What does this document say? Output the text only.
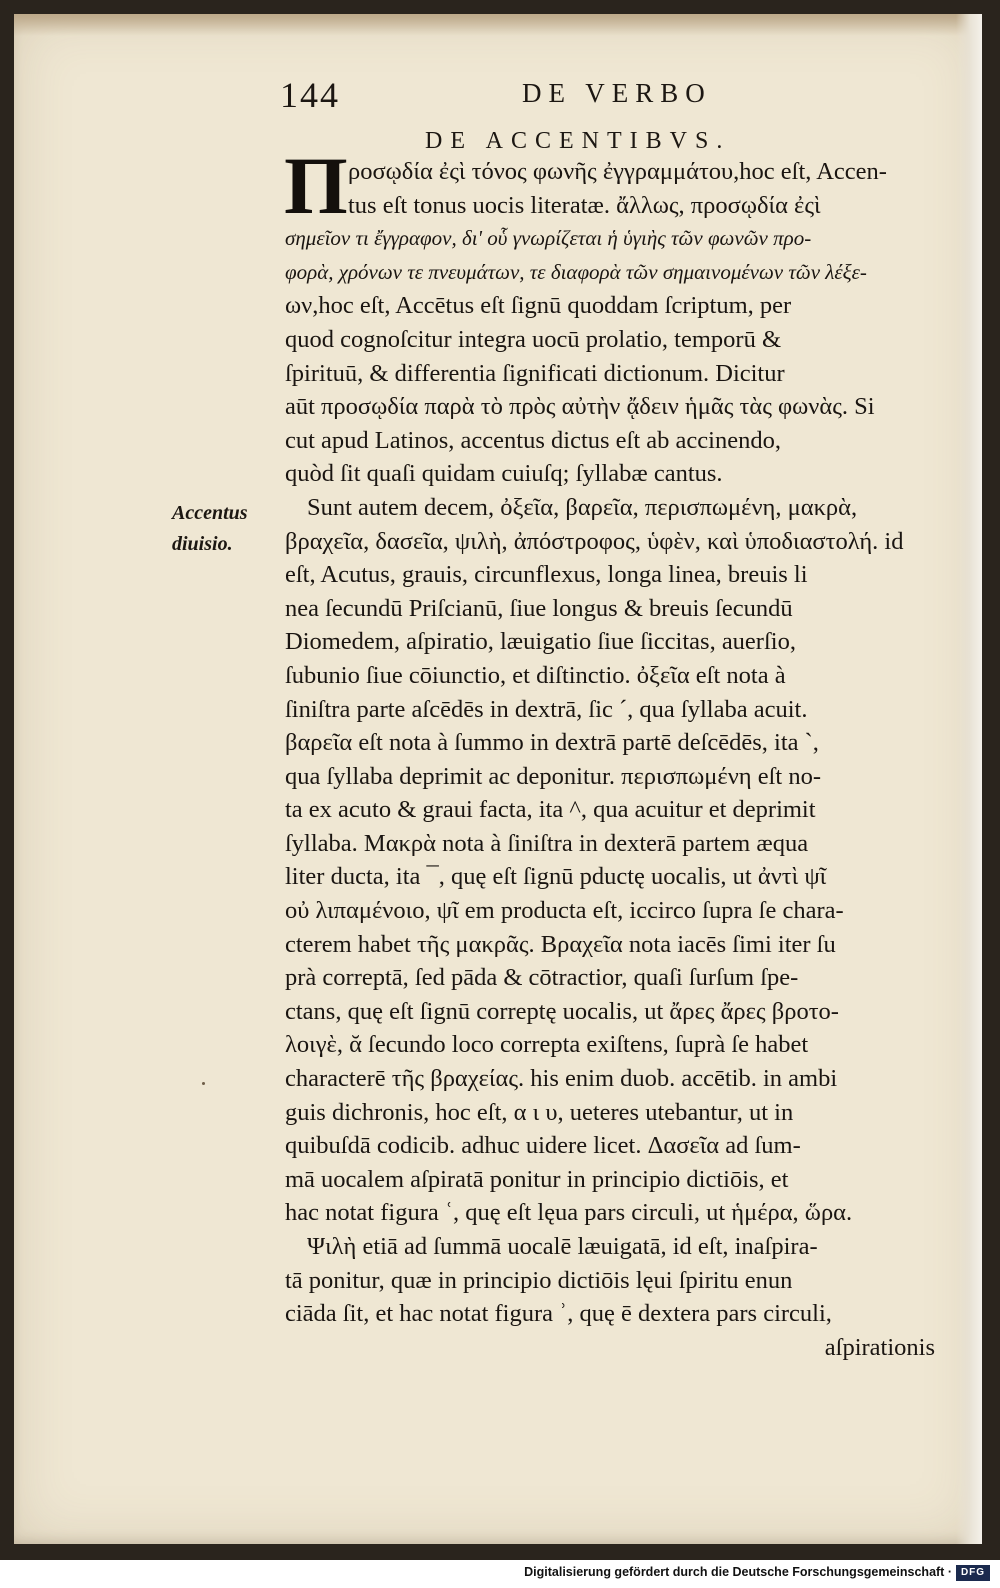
144	DE VERBO
DE ACCENTIBVS.
Π
Accentus
diuisio.
ροσῳδία ἐςὶ τόνος φωνῆς ἐγγραμμάτου,hoc eſt, Accen-
tus eſt tonus uocis literatæ. ἄλλως, προσῳδία ἐςὶ
σημεῖον τι ἔγγραφον, δι' οὗ γνωρίζεται ἡ ὑγιὴς τῶν φωνῶν προ-
φορὰ, χρόνων τε πνευμάτων, τε διαφορὰ τῶν σημαινομένων τῶν λέξε-
ων,hoc eſt, Accētus eſt ſignū quoddam ſcriptum, per
quod cognoſcitur integra uocū prolatio, temporū &
ſpirituū, & differentia ſignificati dictionum. Dicitur
aūt προσῳδία παρὰ τὸ πρὸς αὐτὴν ᾄδειν ἡμᾶς τὰς φωνὰς. Si
cut apud Latinos, accentus dictus eſt ab accinendo,
quòd ſit quaſi quidam cuiuſq; ſyllabæ cantus.
Sunt autem decem, ὀξεῖα, βαρεῖα, περισπωμένη, μακρὰ,
βραχεῖα, δασεῖα, ψιλὴ, ἀπόστροφος, ὑφὲν, καὶ ὑποδιαστολή. id
eſt, Acutus, grauis, circunflexus, longa linea, breuis li
nea ſecundū Priſcianū, ſiue longus & breuis ſecundū
Diomedem, aſpiratio, læuigatio ſiue ſiccitas, auerſio,
ſubunio ſiue cōiunctio, et diſtinctio. ὀξεῖα eſt nota à
ſiniſtra parte aſcēdēs in dextrā, ſic ´, qua ſyllaba acuit.
βαρεῖα eſt nota à ſummo in dextrā partē deſcēdēs, ita `,
qua ſyllaba deprimit ac deponitur. περισπωμένη eſt no-
ta ex acuto & graui facta, ita ^, qua acuitur et deprimit
ſyllaba. Μακρὰ nota à ſiniſtra in dexterā partem æqua
liter ducta, ita ¯, quę eſt ſignū pductę uocalis, ut ἀντὶ ψῖ
οὐ λιπαμένοιο, ψῖ em producta eſt, iccirco ſupra ſe chara-
cterem habet τῆς μακρᾶς. Βραχεῖα nota iacēs ſimi iter ſu
prà correptā, ſed pāda & cōtractior, quaſi ſurſum ſpe-
ctans, quę eſt ſignū correptę uocalis, ut ἄρες ἄρες βροτο-
λοιγὲ, ᾰ ſecundo loco correpta exiſtens, ſuprà ſe habet
characterē τῆς βραχείας. his enim duob. accētib. in ambi
guis dichronis, hoc eſt, α ι υ, ueteres utebantur, ut in
quibuſdā codicib. adhuc uidere licet. Δασεῖα ad ſum-
mā uocalem aſpiratā ponitur in principio dictiōis, et
hac notat figura ʿ, quę eſt lęua pars circuli, ut ἡμέρα, ὥρα.
Ψιλὴ etiā ad ſummā uocalē læuigatā, id eſt, inaſpira-
tā ponitur, quæ in principio dictiōis lęui ſpiritu enun
ciāda ſit, et hac notat figura ʾ, quę ē dextera pars circuli,
aſpirationis
Digitalisierung gefördert durch die Deutsche Forschungsgemeinschaft · DFG
